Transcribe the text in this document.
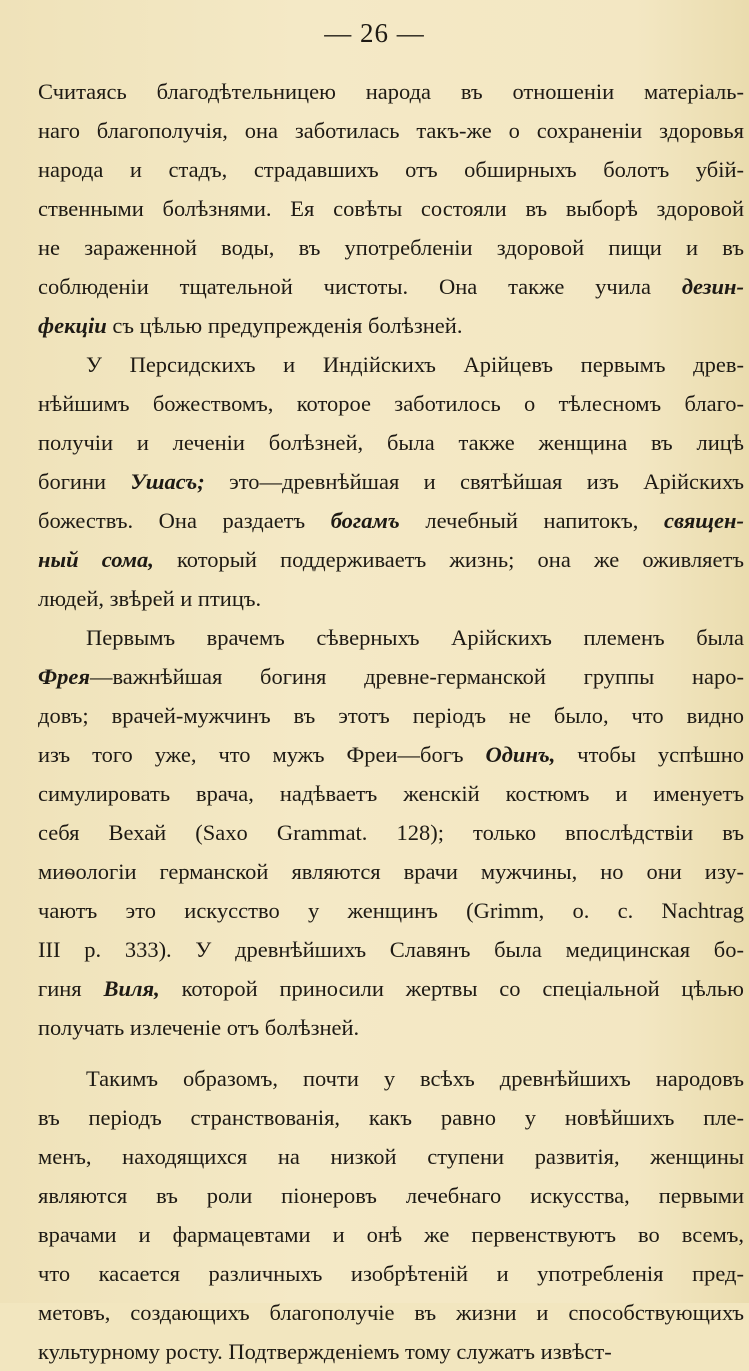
— 26 —
Считаясь благодѣтельницею народа въ отношеніи матеріаль-
наго благополучія, она заботилась такъ-же о сохраненіи здоровья
народа и стадъ, страдавшихъ отъ обширныхъ болотъ убій-
ственными болѣзнями. Ея совѣты состояли въ выборѣ здоровой
не зараженной воды, въ употребленіи здоровой пищи и въ
соблюденіи тщательной чистоты. Она также учила дезин-
фекціи съ цѣлью предупрежденія болѣзней.
У Персидскихъ и Индійскихъ Арійцевъ первымъ древ-
нѣйшимъ божествомъ, которое заботилось о тѣлесномъ благо-
получіи и леченіи болѣзней, была также женщина въ лицѣ
богини Ушасъ; это—древнѣйшая и святѣйшая изъ Арійскихъ
божествъ. Она раздаетъ богамъ лечебный напитокъ, священ-
ный сома, который поддерживаетъ жизнь; она же оживляетъ
людей, звѣрей и птицъ.
Первымъ врачемъ сѣверныхъ Арійскихъ племенъ была
Фрея—важнѣйшая богиня древне-германской группы наро-
довъ; врачей-мужчинъ въ этотъ періодъ не было, что видно
изъ того уже, что мужъ Фреи—богъ Одинъ, чтобы успѣшно
симулировать врача, надѣваетъ женскій костюмъ и именуетъ
себя Вехай (Saxo Grammat. 128); только впослѣдствіи въ
миѳологіи германской являются врачи мужчины, но они изу-
чаютъ это искусство у женщинъ (Grimm, o. c. Nachtrag
III p. 333). У древнѣйшихъ Славянъ была медицинская бо-
гиня Виля, которой приносили жертвы со спеціальной цѣлью
получать излеченіе отъ болѣзней.
Такимъ образомъ, почти у всѣхъ древнѣйшихъ народовъ
въ періодъ странствованія, какъ равно у новѣйшихъ пле-
менъ, находящихся на низкой ступени развитія, женщины
являются въ роли піонеровъ лечебнаго искусства, первыми
врачами и фармацевтами и онѣ же первенствуютъ во всемъ,
что касается различныхъ изобрѣтеній и употребленія пред-
метовъ, создающихъ благополучіе въ жизни и способствующихъ
культурному росту. Подтвержденіемъ тому служатъ извѣст-
